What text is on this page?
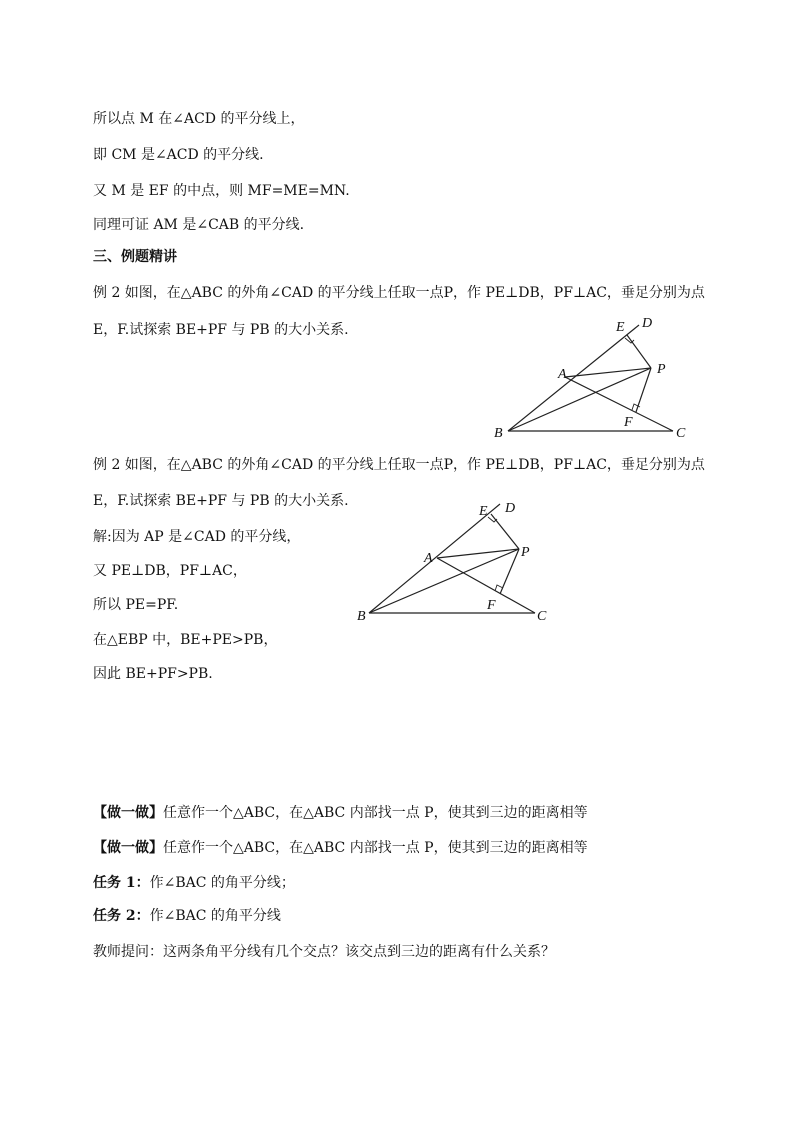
所以点 M 在∠ACD 的平分线上，
即 CM 是∠ACD 的平分线.
又 M 是 EF 的中点，则 MF=ME=MN.
同理可证 AM 是∠CAB 的平分线.
三、例题精讲
例 2 如图，在△ABC 的外角∠CAD 的平分线上任取一点P，作 PE⊥DB，PF⊥AC，垂足分别为点
E，F.试探索 BE+PF 与 PB 的大小关系.	E D
A	P
F
B	C
例 2 如图，在△ABC 的外角∠CAD 的平分线上任取一点P，作 PE⊥DB，PF⊥AC，垂足分别为点
E，F.试探索 BE+PF 与 PB 的大小关系.
解:因为 AP 是∠CAD 的平分线，
又 PE⊥DB，PF⊥AC，
所以 PE=PF.
在△EBP 中，BE+PE>PB，
因此 BE+PF>PB.
E D
A	P
F
B	C
【做一做】任意作一个△ABC，在△ABC 内部找一点 P，使其到三边的距离相等
【做一做】任意作一个△ABC，在△ABC 内部找一点 P，使其到三边的距离相等
任务 1：作∠BAC 的角平分线；
任务 2：作∠BAC 的角平分线
教师提问：这两条角平分线有几个交点？该交点到三边的距离有什么关系？
